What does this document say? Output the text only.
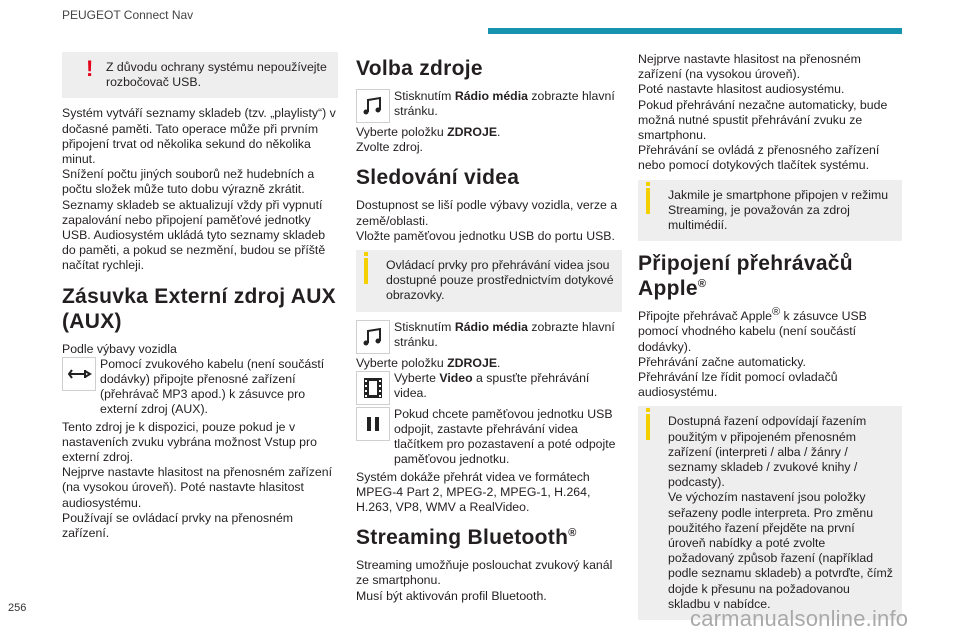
PEUGEOT Connect Nav
! Z důvodu ochrany systému nepoužívejte rozbočovač USB.

Systém vytváří seznamy skladeb (tzv. „playlisty“) v dočasné paměti. Tato operace může při prvním připojení trvat od několika sekund do několika minut.

Snížení počtu jiných souborů než hudebních a počtu složek může tuto dobu výrazně zkrátit.

Seznamy skladeb se aktualizují vždy při vypnutí zapalování nebo připojení paměťové jednotky USB. Audiosystém ukládá tyto seznamy skladeb do paměti, a pokud se nezmění, budou se příště načítat rychleji.

Zásuvka Externí zdroj AUX (AUX)

Podle výbavy vozidla

Pomocí zvukového kabelu (není součástí dodávky) připojte přenosné zařízení (přehrávač MP3 apod.) k zásuvce pro externí zdroj (AUX).

Tento zdroj je k dispozici, pouze pokud je v nastaveních zvuku vybrána možnost Vstup pro externí zdroj.

Nejprve nastavte hlasitost na přenosném zařízení (na vysokou úroveň). Poté nastavte hlasitost audiosystému.

Používají se ovládací prvky na přenosném zařízení.

Volba zdroje
Stisknutím Rádio média zobrazte hlavní stránku.

Vyberte položku ZDROJE.

Zvolte zdroj.

Sledování videa

Dostupnost se liší podle výbavy vozidla, verze a země/oblasti.

Vložte paměťovou jednotku USB do portu USB.

Ovládací prvky pro přehrávání videa jsou dostupné pouze prostřednictvím dotykové obrazovky.
Stisknutím Rádio média zobrazte hlavní stránku.

Vyberte položku ZDROJE.

Vyberte Video a spusťte přehrávání videa.
Pokud chcete paměťovou jednotku USB odpojit, zastavte přehrávání videa tlačítkem pro pozastavení a poté odpojte paměťovou jednotku.

Systém dokáže přehrát videa ve formátech MPEG-4 Part 2, MPEG-2, MPEG-1, H.264, H.263, VP8, WMV a RealVideo.

Streaming Bluetooth®

Streaming umožňuje poslouchat zvukový kanál ze smartphonu.

Musí být aktivován profil Bluetooth.

Nejprve nastavte hlasitost na přenosném zařízení (na vysokou úroveň).

Poté nastavte hlasitost audiosystému.

Pokud přehrávání nezačne automaticky, bude možná nutné spustit přehrávání zvuku ze smartphonu.

Přehrávání se ovládá z přenosného zařízení nebo pomocí dotykových tlačítek systému.

Jakmile je smartphone připojen v režimu Streaming, je považován za zdroj multimédií.
Připojení přehrávačů Apple®

Připojte přehrávač Apple® k zásuvce USB pomocí vhodného kabelu (není součástí dodávky).

Přehrávání začne automaticky.

Přehrávání lze řídit pomocí ovladačů audiosystému.

Dostupná řazení odpovídají řazením použitým v připojeném přenosném zařízení (interpreti / alba / žánry / seznamy skladeb / zvukové knihy / podcasty).
Ve výchozím nastavení jsou položky seřazeny podle interpreta. Pro změnu použitého řazení přejděte na první úroveň nabídky a poté zvolte požadovaný způsob řazení (například podle seznamu skladeb) a potvrďte, čímž dojde k přesunu na požadovanou skladbu v nabídce.
256	carmanualsonline.info
